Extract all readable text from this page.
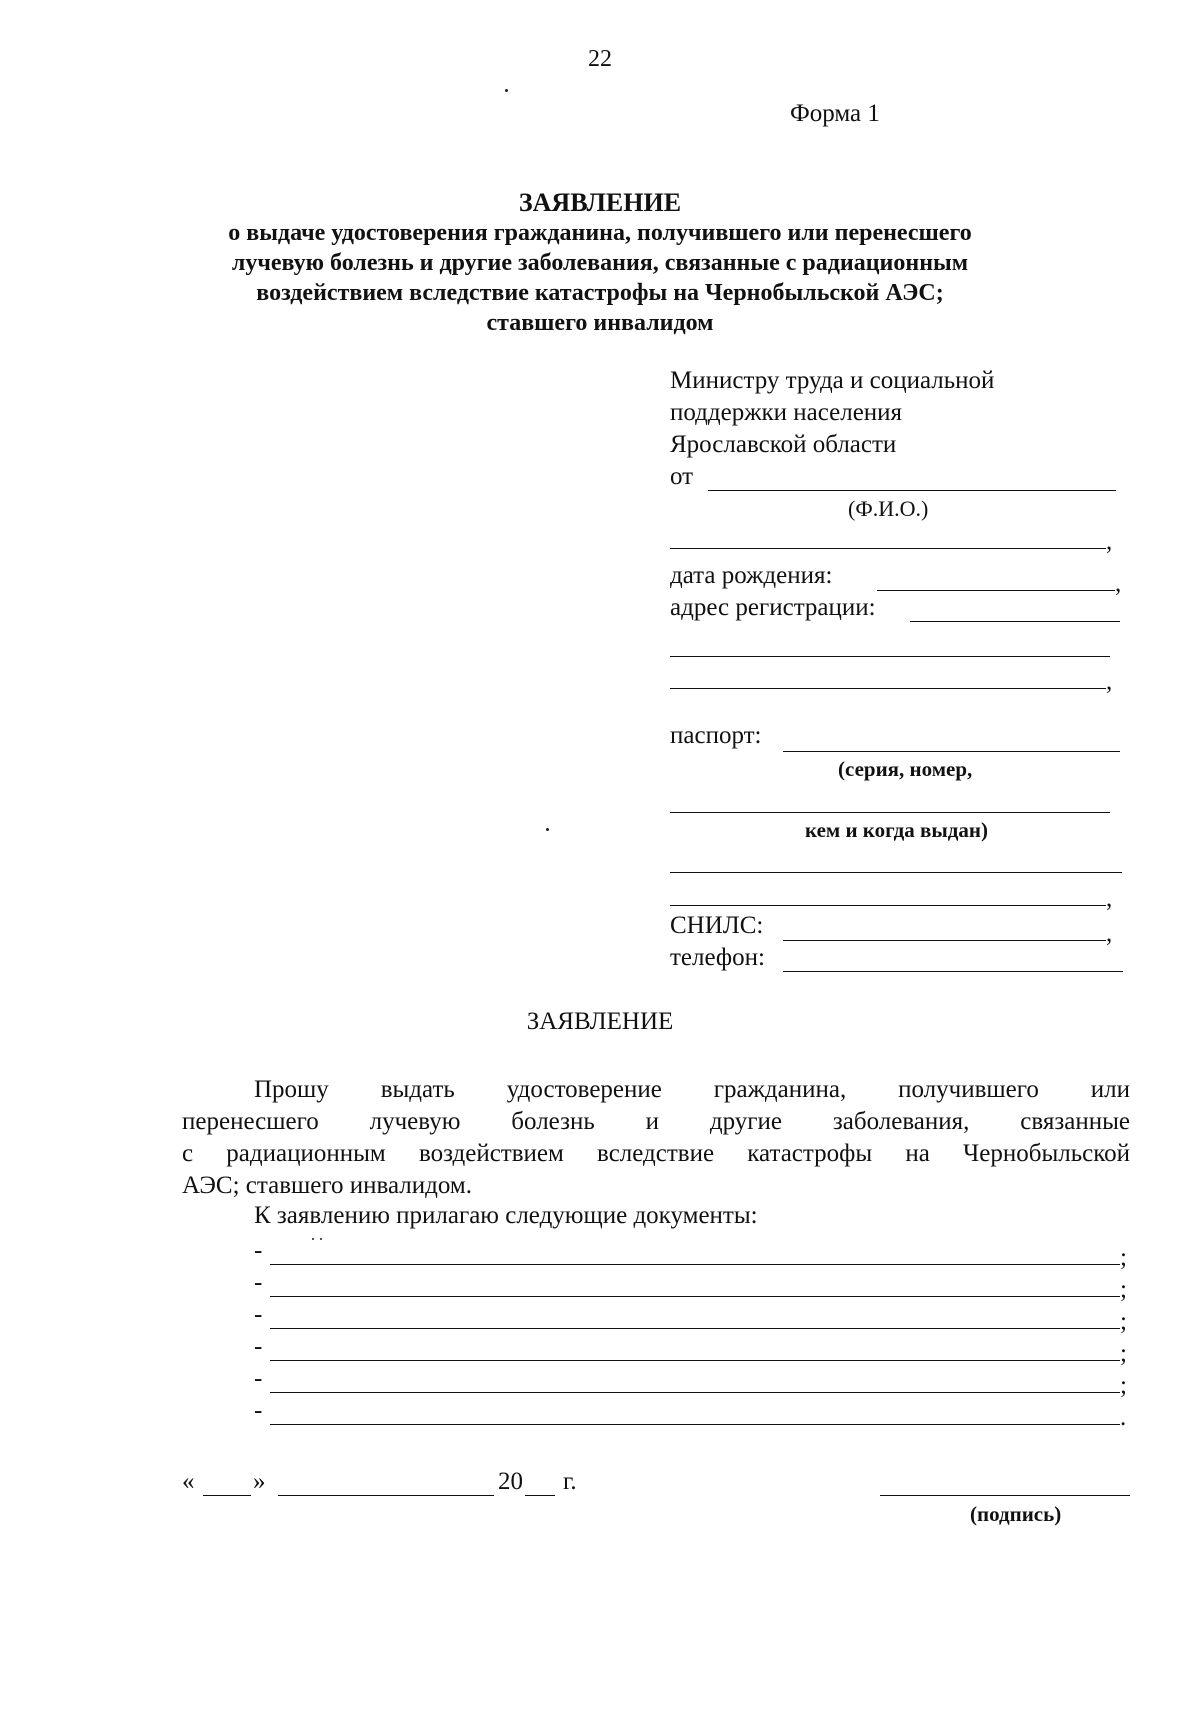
22
Форма 1
ЗАЯВЛЕНИЕ
о выдаче удостоверения гражданина, получившего или перенесшего
лучевую болезнь и другие заболевания, связанные с радиационным
воздействием вследствие катастрофы на Чернобыльской АЭС;
ставшего инвалидом
Министру труда и социальной
поддержки населения
Ярославской области
от
(Ф.И.О.)
,
дата рождения:	,
адрес регистрации:
,
паспорт:
(серия, номер,
кем и когда выдан)
,
СНИЛС:	,
телефон:
ЗАЯВЛЕНИЕ
Прошу выдать удостоверение гражданина, получившего или
перенесшего лучевую болезнь и другие заболевания, связанные
с радиационным воздействием вследствие катастрофы на Чернобыльской
АЭС; ставшего инвалидом.
К заявлению прилагаю следующие документы:
-	;
-	;
-	;
-	;
-	;
-	.
« »	20 г.
(подпись)
